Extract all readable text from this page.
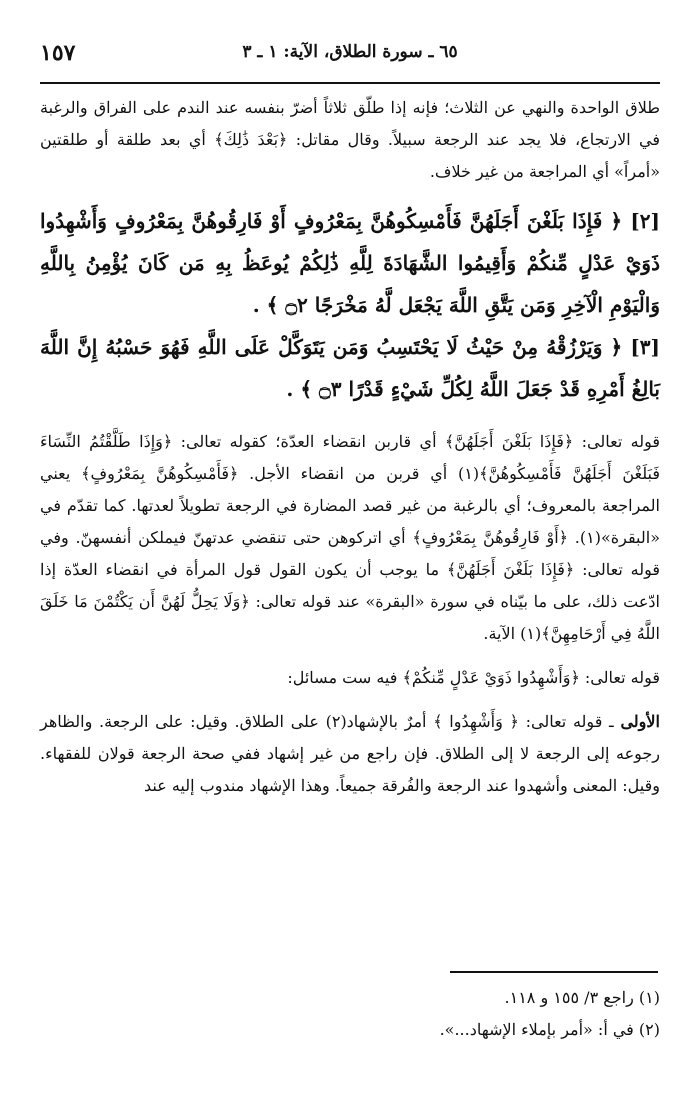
١٥٧	٦٥ ـ سورة الطلاق، الآية: ١ ـ ٣

طلاق الواحدة والنهي عن الثلاث؛ فإنه إذا طلّق ثلاثاً أضرّ بنفسه عند الندم على الفراق والرغبة في الارتجاع، فلا يجد عند الرجعة سبيلاً. وقال مقاتل: ﴿بَعْدَ ذَٰلِكَ﴾ أي بعد طلقة أو طلقتين «أمراً» أي المراجعة من غير خلاف.

[٢] ﴿ فَإِذَا بَلَغْنَ أَجَلَهُنَّ فَأَمْسِكُوهُنَّ بِمَعْرُوفٍ أَوْ فَارِقُوهُنَّ بِمَعْرُوفٍ وَأَشْهِدُوا ذَوَيْ عَدْلٍ مِّنكُمْ وَأَقِيمُوا الشَّهَادَةَ لِلَّهِ ذَٰلِكُمْ يُوعَظُ بِهِ مَن كَانَ يُؤْمِنُ بِاللَّهِ وَالْيَوْمِ الْآخِرِ وَمَن يَتَّقِ اللَّهَ يَجْعَل لَّهُ مَخْرَجًا ۝٢ ﴾ .
[٣] ﴿ وَيَرْزُقْهُ مِنْ حَيْثُ لَا يَحْتَسِبُ وَمَن يَتَوَكَّلْ عَلَى اللَّهِ فَهُوَ حَسْبُهُ إِنَّ اللَّهَ بَالِغُ أَمْرِهِ قَدْ جَعَلَ اللَّهُ لِكُلِّ شَيْءٍ قَدْرًا ۝٣ ﴾ .

قوله تعالى: ﴿فَإِذَا بَلَغْنَ أَجَلَهُنَّ﴾ أي قاربن انقضاء العدّة؛ كقوله تعالى: ﴿وَإِذَا طَلَّقْتُمُ النِّسَاءَ فَبَلَغْنَ أَجَلَهُنَّ فَأَمْسِكُوهُنَّ﴾(١) أي قربن من انقضاء الأجل. ﴿فَأَمْسِكُوهُنَّ بِمَعْرُوفٍ﴾ يعني المراجعة بالمعروف؛ أي بالرغبة من غير قصد المضارة في الرجعة تطويلاً لعدتها. كما تقدّم في «البقرة»(١). ﴿أَوْ فَارِقُوهُنَّ بِمَعْرُوفٍ﴾ أي اتركوهن حتى تنقضي عدتهنّ فيملكن أنفسهنّ. وفي قوله تعالى: ﴿فَإِذَا بَلَغْنَ أَجَلَهُنَّ﴾ ما يوجب أن يكون القول قول المرأة في انقضاء العدّة إذا ادّعت ذلك، على ما بيّناه في سورة «البقرة» عند قوله تعالى: ﴿وَلَا يَحِلُّ لَهُنَّ أَن يَكْتُمْنَ مَا خَلَقَ اللَّهُ فِي أَرْحَامِهِنَّ﴾(١) الآية.

قوله تعالى: ﴿وَأَشْهِدُوا ذَوَيْ عَدْلٍ مِّنكُمْ﴾ فيه ست مسائل:

الأولى ـ قوله تعالى: ﴿ وَأَشْهِدُوا ﴾ أمرٌ بالإشهاد(٢) على الطلاق. وقيل: على الرجعة. والظاهر رجوعه إلى الرجعة لا إلى الطلاق. فإن راجع من غير إشهاد ففي صحة الرجعة قولان للفقهاء. وقيل: المعنى وأشهدوا عند الرجعة والفُرقة جميعاً. وهذا الإشهاد مندوب إليه عند

(١) راجع ٣/ ١٥٥ و ١١٨.

(٢) في أ: «أمر بإملاء الإشهاد...».
